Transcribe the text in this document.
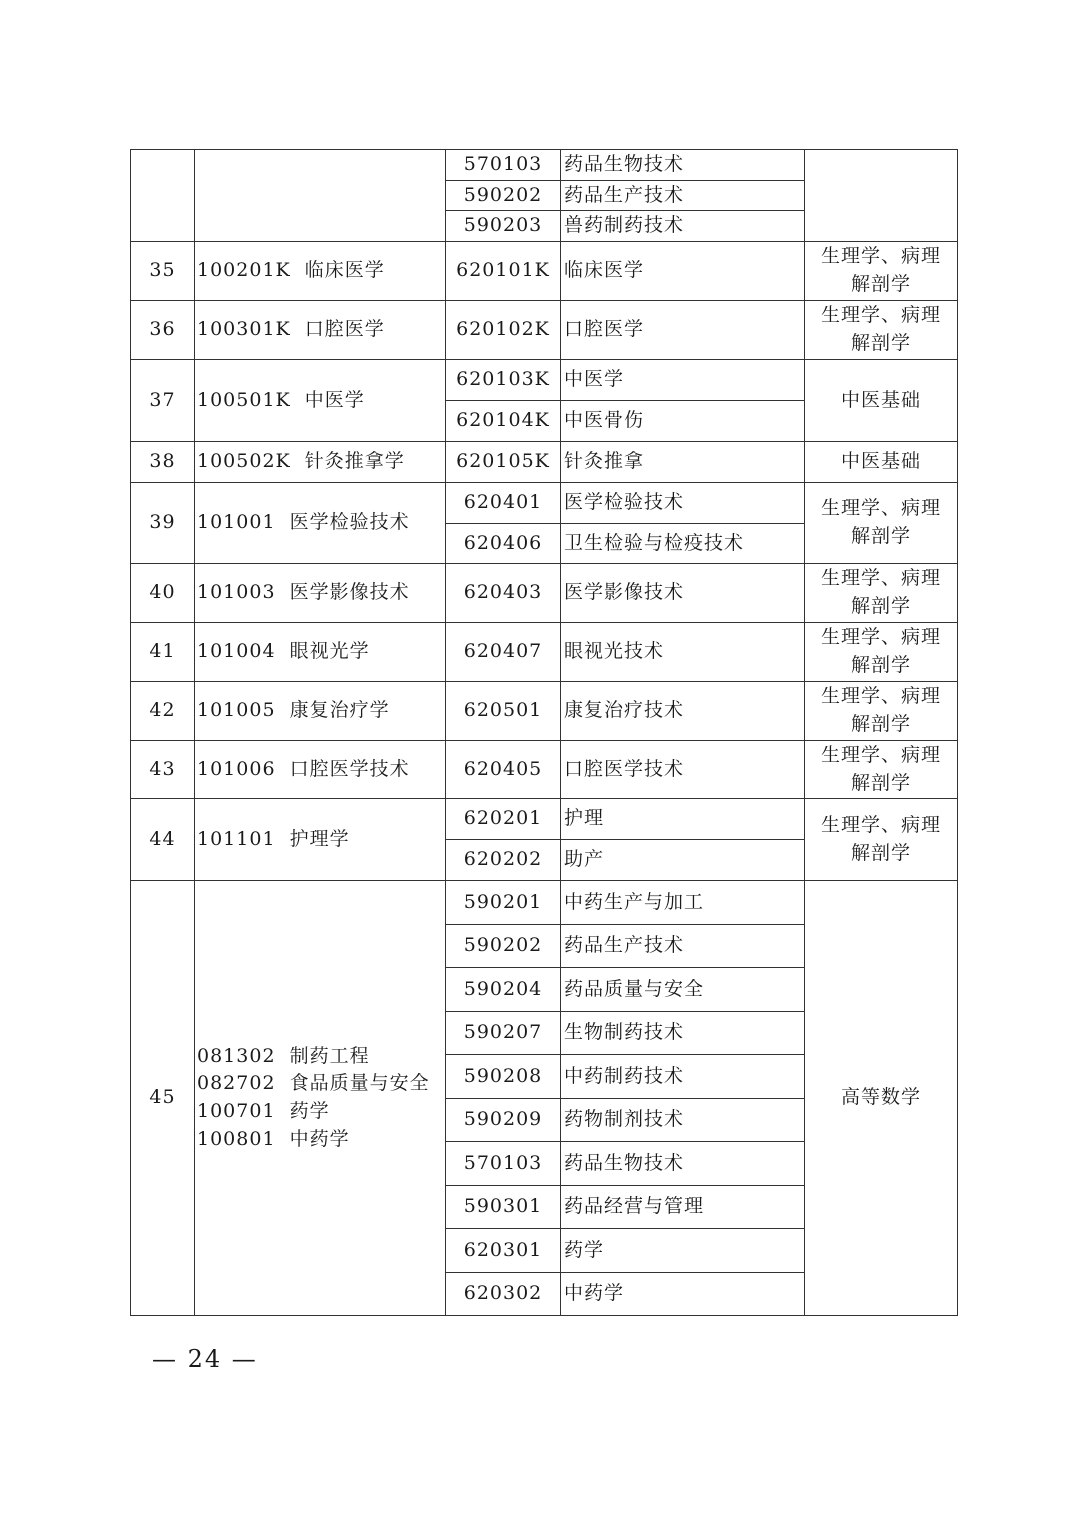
		570103	药品生物技术	
		590202	药品生产技术	
		590203	兽药制药技术	
35	100201K  临床医学	620101K	临床医学	生理学、病理
解剖学

36	100301K  口腔医学	620102K	口腔医学	生理学、病理
解剖学

37	100501K  中医学	620103K	中医学	中医基础

		620104K	中医骨伤	
38	100502K  针灸推拿学	620105K	针灸推拿	中医基础

39	101001  医学检验技术	620401	医学检验技术	生理学、病理
解剖学

		620406	卫生检验与检疫技术	
40	101003  医学影像技术	620403	医学影像技术	生理学、病理
解剖学

41	101004  眼视光学	620407	眼视光技术	生理学、病理
解剖学

42	101005  康复治疗学	620501	康复治疗技术	生理学、病理
解剖学

43	101006  口腔医学技术	620405	口腔医学技术	生理学、病理
解剖学

44	101101  护理学	620201	护理	生理学、病理
解剖学

		620202	助产	
45	081302  制药工程
082702  食品质量与安全
100701  药学
100801  中药学	590201	中药生产与加工	高等数学

		590202	药品生产技术	
		590204	药品质量与安全	
		590207	生物制药技术	
		590208	中药制药技术	
		590209	药物制剂技术	
		570103	药品生物技术	
		590301	药品经营与管理	
		620301	药学	
		620302	中药学	
— 24 —
